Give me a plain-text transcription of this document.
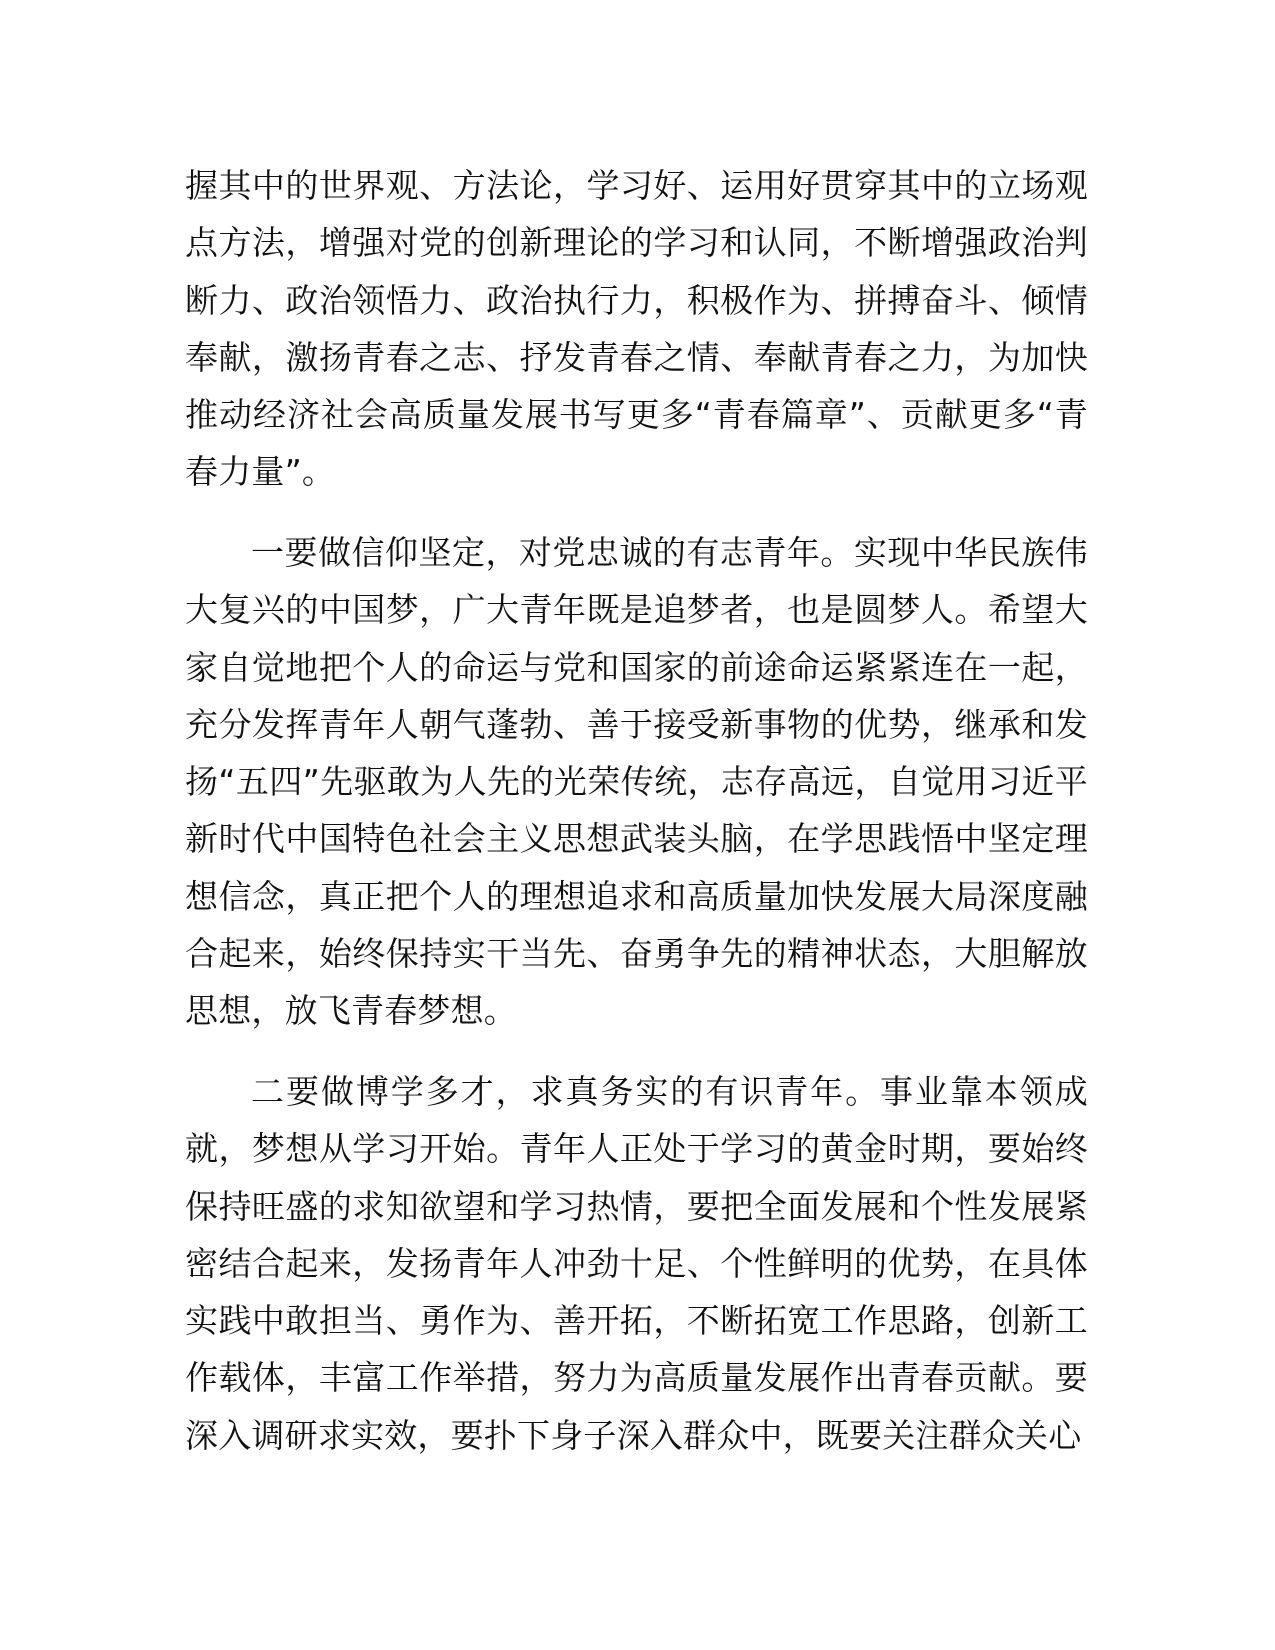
握其中的世界观、方法论，学习好、运用好贯穿其中的立场观点方法，增强对党的创新理论的学习和认同，不断增强政治判断力、政治领悟力、政治执行力，积极作为、拼搏奋斗、倾情奉献，激扬青春之志、抒发青春之情、奉献青春之力，为加快推动经济社会高质量发展书写更多“青春篇章”、贡献更多“青春力量”。

一要做信仰坚定，对党忠诚的有志青年。实现中华民族伟大复兴的中国梦，广大青年既是追梦者，也是圆梦人。希望大家自觉地把个人的命运与党和国家的前途命运紧紧连在一起，充分发挥青年人朝气蓬勃、善于接受新事物的优势，继承和发扬“五四”先驱敢为人先的光荣传统，志存高远，自觉用习近平新时代中国特色社会主义思想武装头脑，在学思践悟中坚定理想信念，真正把个人的理想追求和高质量加快发展大局深度融合起来，始终保持实干当先、奋勇争先的精神状态，大胆解放思想，放飞青春梦想。

二要做博学多才，求真务实的有识青年。事业靠本领成就，梦想从学习开始。青年人正处于学习的黄金时期，要始终保持旺盛的求知欲望和学习热情，要把全面发展和个性发展紧密结合起来，发扬青年人冲劲十足、个性鲜明的优势，在具体实践中敢担当、勇作为、善开拓，不断拓宽工作思路，创新工作载体，丰富工作举措，努力为高质量发展作出青春贡献。要深入调研求实效，要扑下身子深入群众中，既要关注群众关心
